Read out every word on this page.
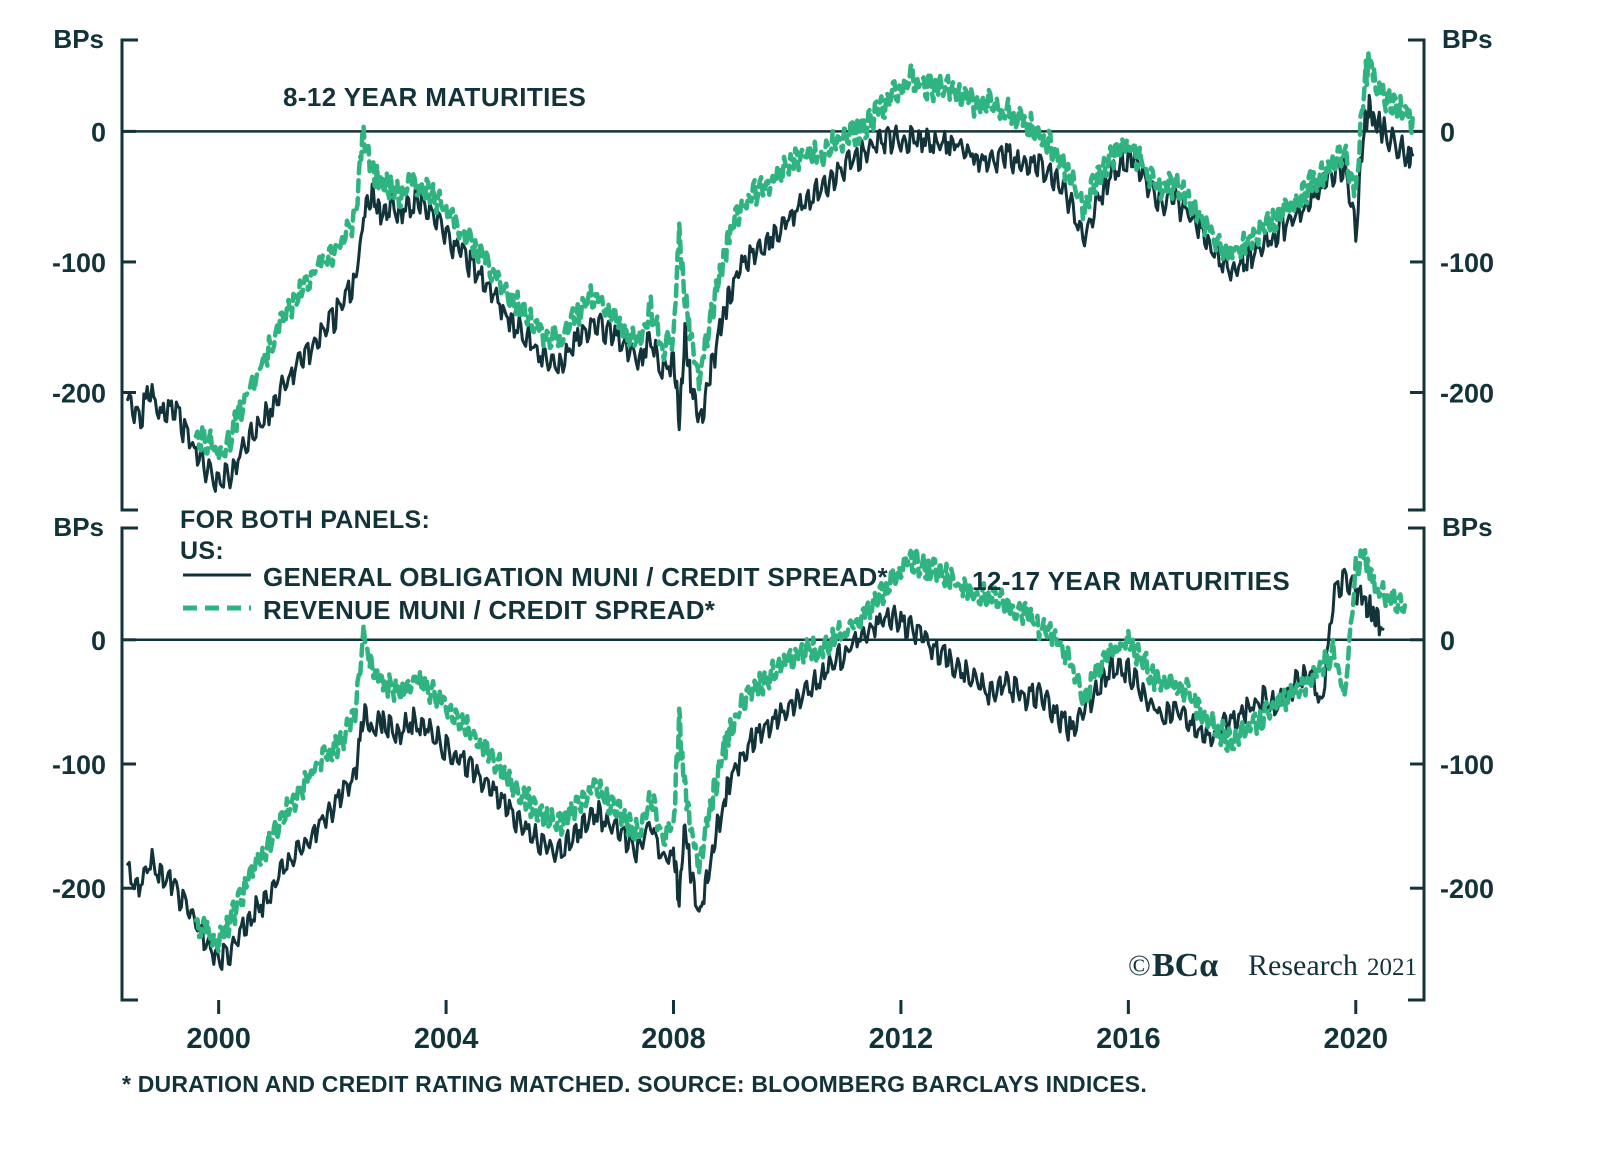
0	0
-100	-100
-200	-200
BPs	BPs
0	0
-100	-100
-200	-200
BPs	BPs
2000	2004	2008	2012	2016	2020
8-12 YEAR MATURITIES
12-17 YEAR MATURITIES
FOR BOTH PANELS:
US:
GENERAL OBLIGATION MUNI / CREDIT SPREAD*
REVENUE MUNI / CREDIT SPREAD*
© BCα Research 2021
* DURATION AND CREDIT RATING MATCHED. SOURCE: BLOOMBERG BARCLAYS INDICES.
